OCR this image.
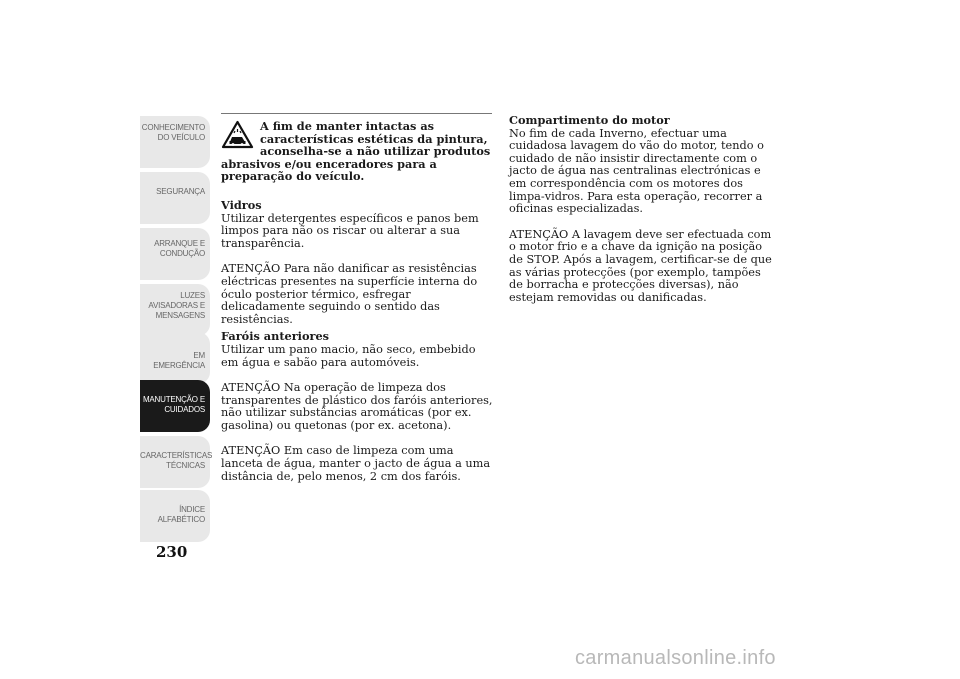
CONHECIMENTO
DO VEÍCULO
SEGURANÇA
ARRANQUE E
CONDUÇÃO
LUZES
AVISADORAS E
MENSAGENS
EM EMERGÊNCIA
MANUTENÇÃO E
CUIDADOS
CARACTERÍSTICAS
TÉCNICAS
ÍNDICE
ALFABÉTICO
230
A fim de manter intactas as características estéticas da pintura, aconselha-se a não utilizar produtos abrasivos e/ou enceradores para a preparação do veículo.
Vidros
Utilizar detergentes específicos e panos bem limpos para não os riscar ou alterar a sua transparência.
ATENÇÃO Para não danificar as resistências eléctricas presentes na superfície interna do óculo posterior térmico, esfregar delicadamente seguindo o sentido das resistências.
Faróis anteriores
Utilizar um pano macio, não seco, embebido em água e sabão para automóveis.
ATENÇÃO Na operação de limpeza dos transparentes de plástico dos faróis anteriores, não utilizar substâncias aromáticas (por ex. gasolina) ou quetonas (por ex. acetona).
ATENÇÃO Em caso de limpeza com uma lanceta de água, manter o jacto de água a uma distância de, pelo menos, 2 cm dos faróis.
Compartimento do motor
No fim de cada Inverno, efectuar uma cuidadosa lavagem do vão do motor, tendo o cuidado de não insistir directamente com o jacto de água nas centralinas electrónicas e em correspondência com os motores dos limpa-vidros. Para esta operação, recorrer a oficinas especializadas.
ATENÇÃO A lavagem deve ser efectuada com o motor frio e a chave da ignição na posição de STOP. Após a lavagem, certificar-se de que as várias protecções (por exemplo, tampões de borracha e protecções diversas), não estejam removidas ou danificadas.
carmanualsonline.info
